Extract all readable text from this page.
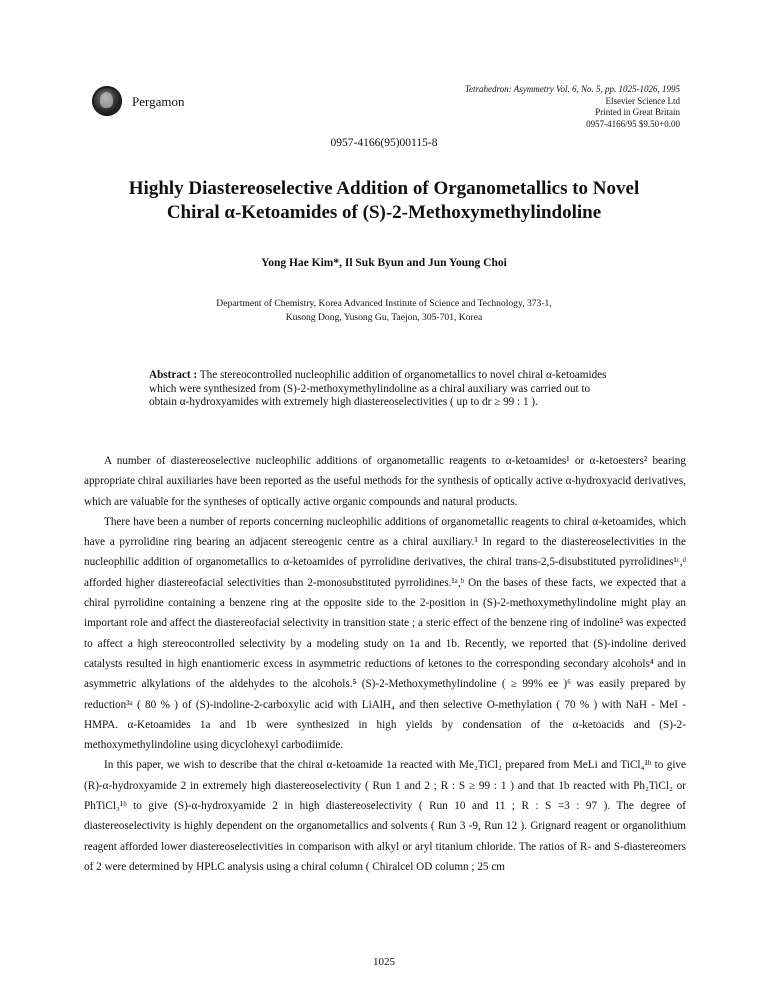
Pergamon
Tetrahedron: Asymmetry Vol. 6, No. 5, pp. 1025-1026, 1995
Elsevier Science Ltd
Printed in Great Britain
0957-4166/95 $9.50+0.00
0957-4166(95)00115-8
Highly Diastereoselective Addition of Organometallics to Novel
Chiral α-Ketoamides of (S)-2-Methoxymethylindoline
Yong Hae Kim*, Il Suk Byun and Jun Young Choi
Department of Chemistry, Korea Advanced Institute of Science and Technology, 373-1,
Kusong Dong, Yusong Gu, Taejon, 305-701, Korea
Abstract : The stereocontrolled nucleophilic addition of organometallics to novel chiral α-ketoamides which were synthesized from (S)-2-methoxymethylindoline as a chiral auxiliary was carried out to obtain α-hydroxyamides with extremely high diastereoselectivities ( up to dr ≥ 99 : 1 ).

A number of diastereoselective nucleophilic additions of organometallic reagents to α-ketoamides¹ or α-ketoesters² bearing appropriate chiral auxiliaries have been reported as the useful methods for the synthesis of optically active α-hydroxyacid derivatives, which are valuable for the syntheses of optically active organic compounds and natural products.

There have been a number of reports concerning nucleophilic additions of organometallic reagents to chiral α-ketoamides, which have a pyrrolidine ring bearing an adjacent stereogenic centre as a chiral auxiliary.¹ In regard to the diastereoselectivities in the nucleophilic addition of organometallics to α-ketoamides of pyrrolidine derivatives, the chiral trans-2,5-disubstituted pyrrolidines¹ᶜ,ᵈ afforded higher diastereofacial selectivities than 2-monosubstituted pyrrolidines.¹ᵃ,ᵇ On the bases of these facts, we expected that a chiral pyrrolidine containing a benzene ring at the opposite side to the 2-position in (S)-2-methoxymethylindoline might play an important role and affect the diastereofacial selectivity in transition state ; a steric effect of the benzene ring of indoline³ was expected to affect a high stereocontrolled selectivity by a modeling study on 1a and 1b. Recently, we reported that (S)-indoline derived catalysts resulted in high enantiomeric excess in asymmetric reductions of ketones to the corresponding secondary alcohols⁴ and in asymmetric alkylations of the aldehydes to the alcohols.⁵ (S)-2-Methoxymethylindoline ( ≥ 99% ee )⁶ was easily prepared by reduction³ᵃ ( 80 % ) of (S)-indoline-2-carboxylic acid with LiAlH₄ and then selective O-methylation ( 70 % ) with NaH - MeI - HMPA. α-Ketoamides 1a and 1b were synthesized in high yields by condensation of the α-ketoacids and (S)-2-methoxymethylindoline using dicyclohexyl carbodiimide.

In this paper, we wish to describe that the chiral α-ketoamide 1a reacted with Me₂TiCl₂ prepared from MeLi and TiCl₄¹ᵇ to give (R)-α-hydroxyamide 2 in extremely high diastereoselectivity ( Run 1 and 2 ; R : S ≥ 99 : 1 ) and that 1b reacted with Ph₂TiCl₂ or PhTiCl₃¹ᵇ to give (S)-α-hydroxyamide 2 in high diastereoselectivity ( Run 10 and 11 ; R : S =3 : 97 ). The degree of diastereoselectivity is highly dependent on the organometallics and solvents ( Run 3 -9, Run 12 ). Grignard reagent or organolithium reagent afforded lower diastereoselectivities in comparison with alkyl or aryl titanium chloride. The ratios of R- and S-diastereomers of 2 were determined by HPLC analysis using a chiral column ( Chiralcel OD column ; 25 cm

1025
